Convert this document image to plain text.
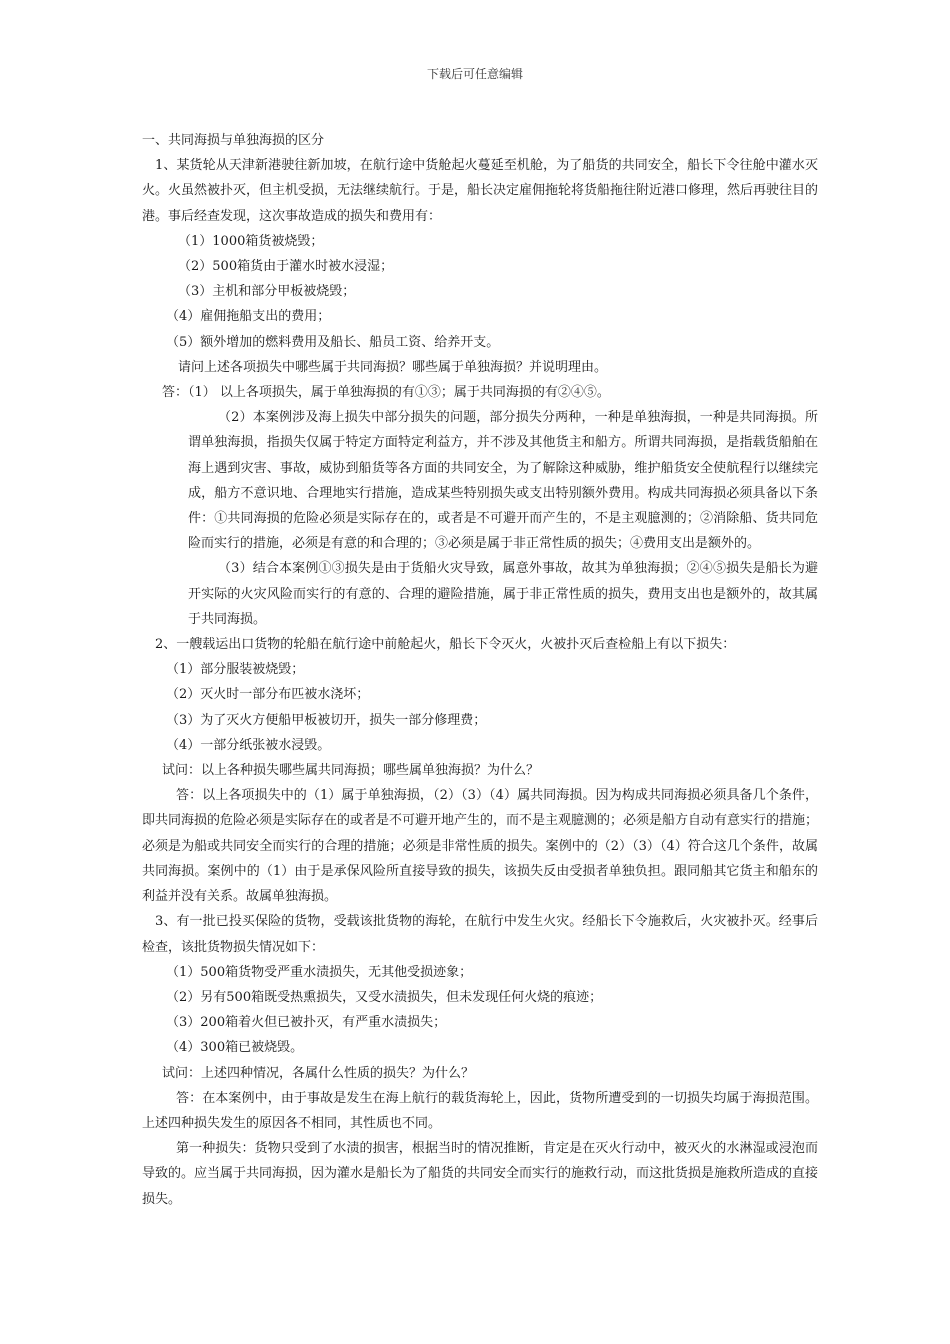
下载后可任意编辑

一、共同海损与单独海损的区分

1、某货轮从天津新港驶往新加坡，在航行途中货舱起火蔓延至机舱，为了船货的共同安全，船长下令往舱中灌水灭火。火虽然被扑灭，但主机受损，无法继续航行。于是，船长决定雇佣拖轮将货船拖往附近港口修理，然后再驶往目的港。事后经查发现，这次事故造成的损失和费用有：

（1）1000箱货被烧毁；

（2）500箱货由于灌水时被水浸湿；

（3）主机和部分甲板被烧毁；

（4）雇佣拖船支出的费用；

（5）额外增加的燃料费用及船长、船员工资、给养开支。

请问上述各项损失中哪些属于共同海损？哪些属于单独海损？并说明理由。

答：（1） 以上各项损失，属于单独海损的有①③；属于共同海损的有②④⑤。

（2）本案例涉及海上损失中部分损失的问题，部分损失分两种，一种是单独海损，一种是共同海损。所谓单独海损，指损失仅属于特定方面特定利益方，并不涉及其他货主和船方。所谓共同海损，是指载货船舶在海上遇到灾害、事故，威协到船货等各方面的共同安全，为了解除这种威胁，维护船货安全使航程行以继续完成，船方不意识地、合理地实行措施，造成某些特别损失或支出特别额外费用。构成共同海损必须具备以下条件：①共同海损的危险必须是实际存在的，或者是不可避开而产生的，不是主观臆测的；②消除船、货共同危险而实行的措施，必须是有意的和合理的；③必须是属于非正常性质的损失；④费用支出是额外的。

（3）结合本案例①③损失是由于货船火灾导致，属意外事故，故其为单独海损；②④⑤损失是船长为避开实际的火灾风险而实行的有意的、合理的避险措施，属于非正常性质的损失，费用支出也是额外的，故其属于共同海损。

2、一艘载运出口货物的轮船在航行途中前舱起火，船长下令灭火，火被扑灭后查检船上有以下损失：

（1）部分服装被烧毁；

（2）灭火时一部分布匹被水浇坏；

（3）为了灭火方便船甲板被切开，损失一部分修理费；

（4）一部分纸张被水浸毁。

试问：以上各种损失哪些属共同海损；哪些属单独海损？为什么？

答：以上各项损失中的（1）属于单独海损，（2）（3）（4）属共同海损。因为构成共同海损必须具备几个条件，即共同海损的危险必须是实际存在的或者是不可避开地产生的，而不是主观臆测的；必须是船方自动有意实行的措施；必须是为船或共同安全而实行的合理的措施；必须是非常性质的损失。案例中的（2）（3）（4）符合这几个条件，故属共同海损。案例中的（1）由于是承保风险所直接导致的损失，该损失反由受损者单独负担。跟同船其它货主和船东的利益并没有关系。故属单独海损。

3、有一批已投买保险的货物，受载该批货物的海轮，在航行中发生火灾。经船长下令施救后，火灾被扑灭。经事后检查，该批货物损失情况如下：

（1）500箱货物受严重水渍损失，无其他受损迹象；

（2）另有500箱既受热熏损失，又受水渍损失，但未发现任何火烧的痕迹；

（3）200箱着火但已被扑灭，有严重水渍损失；

（4）300箱已被烧毁。

试问：上述四种情况，各属什么性质的损失？为什么？

答：在本案例中，由于事故是发生在海上航行的载货海轮上，因此，货物所遭受到的一切损失均属于海损范围。上述四种损失发生的原因各不相同，其性质也不同。

第一种损失：货物只受到了水渍的损害，根据当时的情况推断，肯定是在灭火行动中，被灭火的水淋湿或浸泡而导致的。应当属于共同海损，因为灌水是船长为了船货的共同安全而实行的施救行动，而这批货损是施救所造成的直接损失。
